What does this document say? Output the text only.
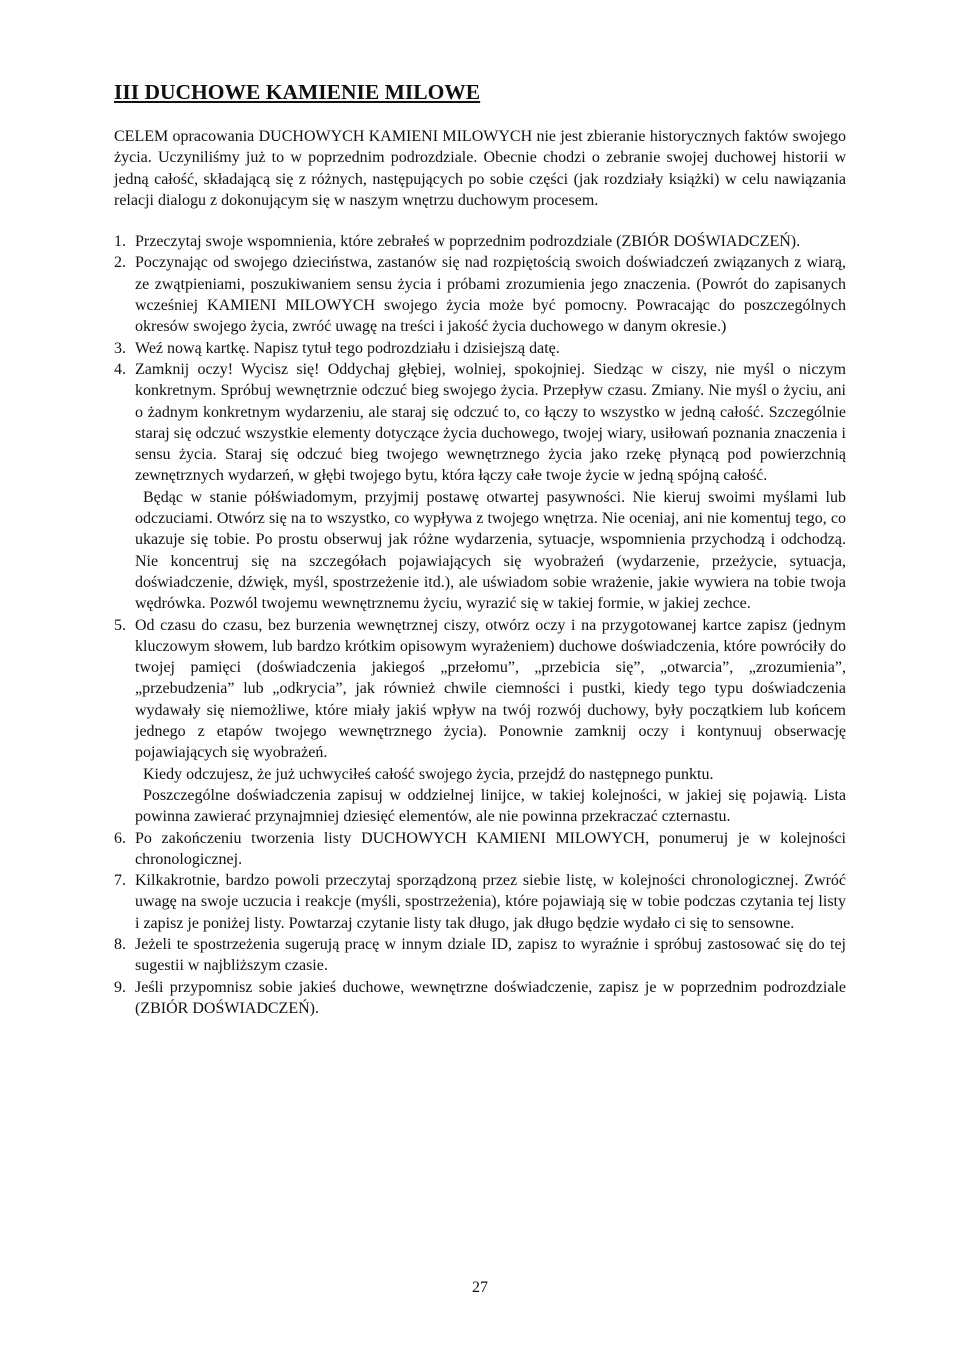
III DUCHOWE KAMIENIE MILOWE

CELEM opracowania DUCHOWYCH KAMIENI MILOWYCH nie jest zbieranie historycznych faktów swojego życia. Uczyniliśmy już to w poprzednim podrozdziale. Obecnie chodzi o zebranie swojej duchowej historii w jedną całość, składającą się z różnych, następujących po sobie części (jak rozdziały książki) w celu nawiązania relacji dialogu z dokonującym się w naszym wnętrzu duchowym procesem.

1. Przeczytaj swoje wspomnienia, które zebrałeś w poprzednim podrozdziale (ZBIÓR DOŚWIADCZEŃ).

2. Poczynając od swojego dzieciństwa, zastanów się nad rozpiętością swoich doświadczeń związanych z wiarą, ze zwątpieniami, poszukiwaniem sensu życia i próbami zrozumienia jego znaczenia. (Powrót do zapisanych wcześniej KAMIENI MILOWYCH swojego życia może być pomocny. Powracając do poszczególnych okresów swojego życia, zwróć uwagę na treści i jakość życia duchowego w danym okresie.)

3. Weź nową kartkę. Napisz tytuł tego podrozdziału i dzisiejszą datę.

4. Zamknij oczy! Wycisz się! Oddychaj głębiej, wolniej, spokojniej. Siedząc w ciszy, nie myśl o niczym konkretnym. Spróbuj wewnętrznie odczuć bieg swojego życia. Przepływ czasu. Zmiany. Nie myśl o życiu, ani o żadnym konkretnym wydarzeniu, ale staraj się odczuć to, co łączy to wszystko w jedną całość. Szczególnie staraj się odczuć wszystkie elementy dotyczące życia duchowego, twojej wiary, usiłowań poznania znaczenia i sensu życia. Staraj się odczuć bieg twojego wewnętrznego życia jako rzekę płynącą pod powierzchnią zewnętrznych wydarzeń, w głębi twojego bytu, która łączy całe twoje życie w jedną spójną całość.

Będąc w stanie półświadomym, przyjmij postawę otwartej pasywności. Nie kieruj swoimi myślami lub odczuciami. Otwórz się na to wszystko, co wypływa z twojego wnętrza. Nie oceniaj, ani nie komentuj tego, co ukazuje się tobie. Po prostu obserwuj jak różne wydarzenia, sytuacje, wspomnienia przychodzą i odchodzą. Nie koncentruj się na szczegółach pojawiających się wyobrażeń (wydarzenie, przeżycie, sytuacja, doświadczenie, dźwięk, myśl, spostrzeżenie itd.), ale uświadom sobie wrażenie, jakie wywiera na tobie twoja wędrówka. Pozwól twojemu wewnętrznemu życiu, wyrazić się w takiej formie, w jakiej zechce.

5. Od czasu do czasu, bez burzenia wewnętrznej ciszy, otwórz oczy i na przygotowanej kartce zapisz (jednym kluczowym słowem, lub bardzo krótkim opisowym wyrażeniem) duchowe doświadczenia, które powróciły do twojej pamięci (doświadczenia jakiegoś „przełomu”, „przebicia się”, „otwarcia”, „zrozumienia”, „przebudzenia” lub „odkrycia”, jak również chwile ciemności i pustki, kiedy tego typu doświadczenia wydawały się niemożliwe, które miały jakiś wpływ na twój rozwój duchowy, były początkiem lub końcem jednego z etapów twojego wewnętrznego życia). Ponownie zamknij oczy i kontynuuj obserwację pojawiających się wyobrażeń.

Kiedy odczujesz, że już uchwyciłeś całość swojego życia, przejdź do następnego punktu.

Poszczególne doświadczenia zapisuj w oddzielnej linijce, w takiej kolejności, w jakiej się pojawią. Lista powinna zawierać przynajmniej dziesięć elementów, ale nie powinna przekraczać czternastu.

6. Po zakończeniu tworzenia listy DUCHOWYCH KAMIENI MILOWYCH, ponumeruj je w kolejności chronologicznej.

7. Kilkakrotnie, bardzo powoli przeczytaj sporządzoną przez siebie listę, w kolejności chronologicznej. Zwróć uwagę na swoje uczucia i reakcje (myśli, spostrzeżenia), które pojawiają się w tobie podczas czytania tej listy i zapisz je poniżej listy. Powtarzaj czytanie listy tak długo, jak długo będzie wydało ci się to sensowne.

8. Jeżeli te spostrzeżenia sugerują pracę w innym dziale ID, zapisz to wyraźnie i spróbuj zastosować się do tej sugestii w najbliższym czasie.

9. Jeśli przypomnisz sobie jakieś duchowe, wewnętrzne doświadczenie, zapisz je w poprzednim podrozdziale (ZBIÓR DOŚWIADCZEŃ).

27
